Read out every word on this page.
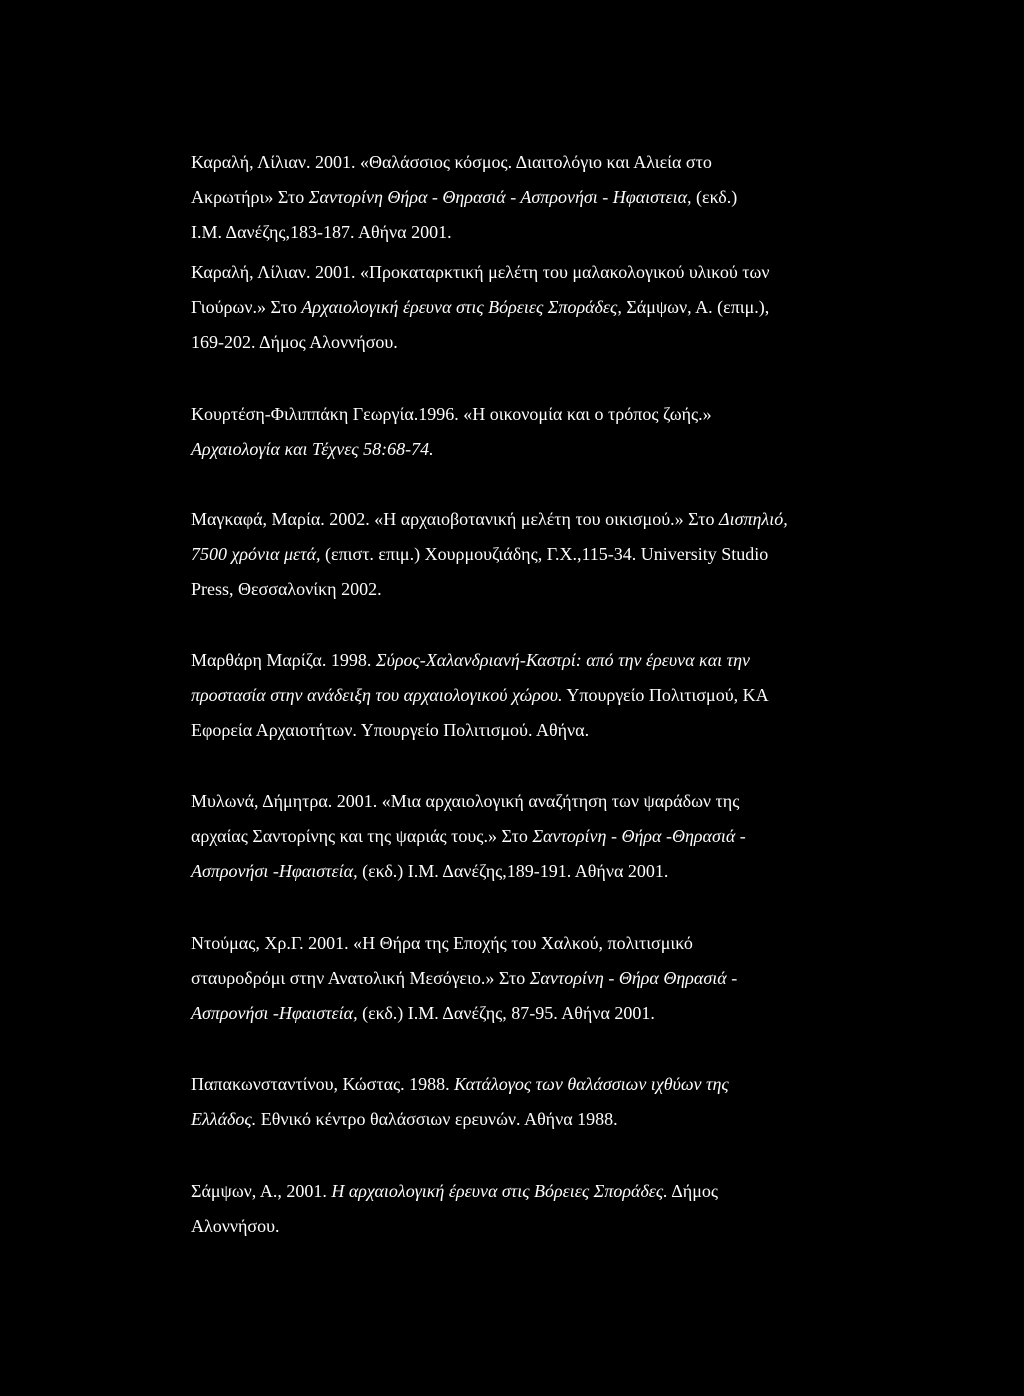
Καραλή, Λίλιαν. 2001. «Θαλάσσιος κόσμος. Διαιτολόγιο και Αλιεία στο
Ακρωτήρι» Στο Σαντορίνη Θήρα - Θηρασιά - Ασπρονήσι - Ηφαιστεια, (εκδ.)
Ι.Μ. Δανέζης,183-187. Αθήνα 2001.
Καραλή, Λίλιαν. 2001. «Προκαταρκτική μελέτη του μαλακολογικού υλικού των
Γιούρων.» Στο Αρχαιολογική έρευνα στις Βόρειες Σποράδες, Σάμψων, Α. (επιμ.),
169-202. Δήμος Αλοννήσου.
Κουρτέση-Φιλιππάκη Γεωργία.1996. «Η οικονομία και ο τρόπος ζωής.»
Αρχαιολογία και Τέχνες 58:68-74.
Μαγκαφά, Μαρία. 2002. «Η αρχαιοβοτανική μελέτη του οικισμού.» Στο Δισπηλιό,
7500 χρόνια μετά, (επιστ. επιμ.) Χουρμουζιάδης, Γ.Χ.,115-34. University Studio
Press, Θεσσαλονίκη 2002.
Μαρθάρη Μαρίζα. 1998. Σύρος-Χαλανδριανή-Καστρί: από την έρευνα και την
προστασία στην ανάδειξη του αρχαιολογικού χώρου. Υπουργείο Πολιτισμού, ΚΑ
Εφορεία Αρχαιοτήτων. Υπουργείο Πολιτισμού. Αθήνα.
Μυλωνά, Δήμητρα. 2001. «Μια αρχαιολογική αναζήτηση των ψαράδων της
αρχαίας Σαντορίνης και της ψαριάς τους.» Στο Σαντορίνη - Θήρα -Θηρασιά -
Ασπρονήσι -Ηφαιστεία, (εκδ.) Ι.Μ. Δανέζης,189-191. Αθήνα 2001.
Ντούμας, Χρ.Γ. 2001. «Η Θήρα της Εποχής του Χαλκού, πολιτισμικό
σταυροδρόμι στην Ανατολική Μεσόγειο.» Στο Σαντορίνη - Θήρα Θηρασιά -
Ασπρονήσι -Ηφαιστεία, (εκδ.) Ι.Μ. Δανέζης, 87-95. Αθήνα 2001.
Παπακωνσταντίνου, Κώστας. 1988. Κατάλογος των θαλάσσιων ιχθύων της
Ελλάδος. Εθνικό κέντρο θαλάσσιων ερευνών. Αθήνα 1988.
Σάμψων, Α., 2001. Η αρχαιολογική έρευνα στις Βόρειες Σποράδες. Δήμος
Αλοννήσου.
